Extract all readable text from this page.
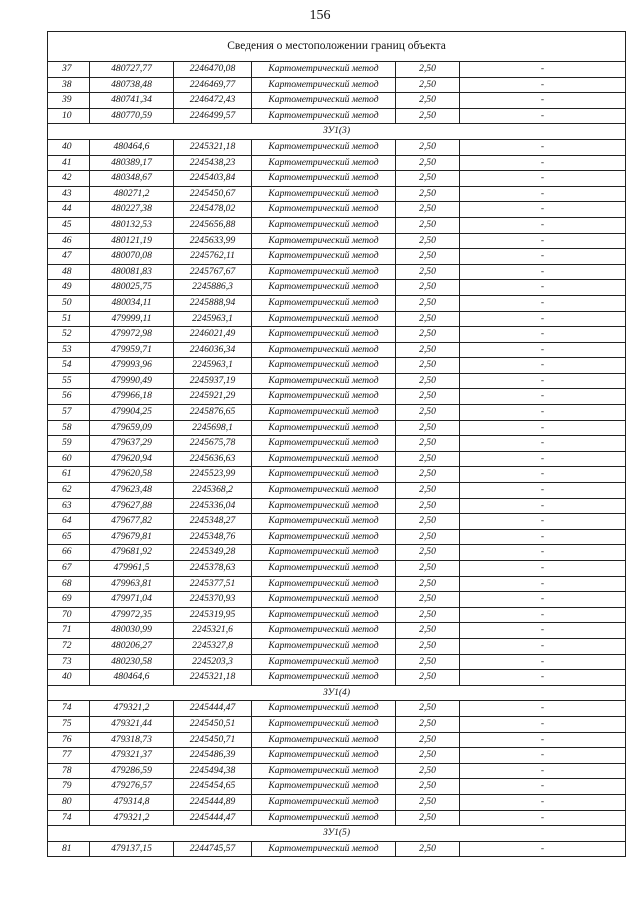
156
Сведения о местоположении границ объекта					
37	480727,77	2246470,08	Картометрический метод	2,50	-
38	480738,48	2246469,77	Картометрический метод	2,50	-
39	480741,34	2246472,43	Картометрический метод	2,50	-
10	480770,59	2246499,57	Картометрический метод	2,50	-
ЗУ1(3)					
40	480464,6	2245321,18	Картометрический метод	2,50	-
41	480389,17	2245438,23	Картометрический метод	2,50	-
42	480348,67	2245403,84	Картометрический метод	2,50	-
43	480271,2	2245450,67	Картометрический метод	2,50	-
44	480227,38	2245478,02	Картометрический метод	2,50	-
45	480132,53	2245656,88	Картометрический метод	2,50	-
46	480121,19	2245633,99	Картометрический метод	2,50	-
47	480070,08	2245762,11	Картометрический метод	2,50	-
48	480081,83	2245767,67	Картометрический метод	2,50	-
49	480025,75	2245886,3	Картометрический метод	2,50	-
50	480034,11	2245888,94	Картометрический метод	2,50	-
51	479999,11	2245963,1	Картометрический метод	2,50	-
52	479972,98	2246021,49	Картометрический метод	2,50	-
53	479959,71	2246036,34	Картометрический метод	2,50	-
54	479993,96	2245963,1	Картометрический метод	2,50	-
55	479990,49	2245937,19	Картометрический метод	2,50	-
56	479966,18	2245921,29	Картометрический метод	2,50	-
57	479904,25	2245876,65	Картометрический метод	2,50	-
58	479659,09	2245698,1	Картометрический метод	2,50	-
59	479637,29	2245675,78	Картометрический метод	2,50	-
60	479620,94	2245636,63	Картометрический метод	2,50	-
61	479620,58	2245523,99	Картометрический метод	2,50	-
62	479623,48	2245368,2	Картометрический метод	2,50	-
63	479627,88	2245336,04	Картометрический метод	2,50	-
64	479677,82	2245348,27	Картометрический метод	2,50	-
65	479679,81	2245348,76	Картометрический метод	2,50	-
66	479681,92	2245349,28	Картометрический метод	2,50	-
67	479961,5	2245378,63	Картометрический метод	2,50	-
68	479963,81	2245377,51	Картометрический метод	2,50	-
69	479971,04	2245370,93	Картометрический метод	2,50	-
70	479972,35	2245319,95	Картометрический метод	2,50	-
71	480030,99	2245321,6	Картометрический метод	2,50	-
72	480206,27	2245327,8	Картометрический метод	2,50	-
73	480230,58	2245203,3	Картометрический метод	2,50	-
40	480464,6	2245321,18	Картометрический метод	2,50	-
ЗУ1(4)					
74	479321,2	2245444,47	Картометрический метод	2,50	-
75	479321,44	2245450,51	Картометрический метод	2,50	-
76	479318,73	2245450,71	Картометрический метод	2,50	-
77	479321,37	2245486,39	Картометрический метод	2,50	-
78	479286,59	2245494,38	Картометрический метод	2,50	-
79	479276,57	2245454,65	Картометрический метод	2,50	-
80	479314,8	2245444,89	Картометрический метод	2,50	-
74	479321,2	2245444,47	Картометрический метод	2,50	-
ЗУ1(5)					
81	479137,15	2244745,57	Картометрический метод	2,50	-
